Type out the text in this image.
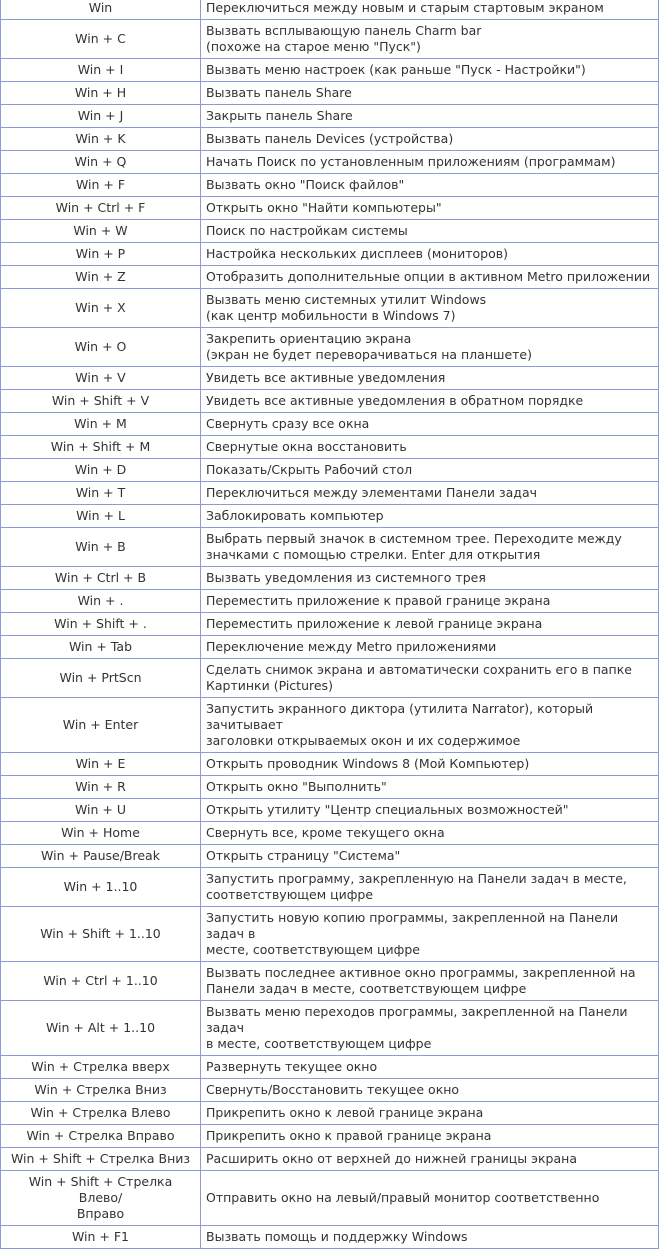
Win	Переключиться между новым и старым стартовым экраном
Win + C	Вызвать всплывающую панель Charm bar
(похоже на старое меню "Пуск")
Win + I	Вызвать меню настроек (как раньше "Пуск - Настройки")
Win + H	Вызвать панель Share
Win + J	Закрыть панель Share
Win + K	Вызвать панель Devices (устройства)
Win + Q	Начать Поиск по установленным приложениям (программам)
Win + F	Вызвать окно "Поиск файлов"
Win + Ctrl + F	Открыть окно "Найти компьютеры"
Win + W	Поиск по настройкам системы
Win + P	Настройка нескольких дисплеев (мониторов)
Win + Z	Отобразить дополнительные опции в активном Metro приложении
Win + X	Вызвать меню системных утилит Windows
(как центр мобильности в Windows 7)
Win + O	Закрепить ориентацию экрана
(экран не будет переворачиваться на планшете)
Win + V	Увидеть все активные уведомления
Win + Shift + V	Увидеть все активные уведомления в обратном порядке
Win + M	Свернуть сразу все окна
Win + Shift + M	Свернутые окна восстановить
Win + D	Показать/Скрыть Рабочий стол
Win + T	Переключиться между элементами Панели задач
Win + L	Заблокировать компьютер
Win + B	Выбрать первый значок в системном трее. Переходите между
значками с помощью стрелки. Enter для открытия
Win + Ctrl + B	Вызвать уведомления из системного трея
Win + .	Переместить приложение к правой границе экрана
Win + Shift + .	Переместить приложение к левой границе экрана
Win + Tab	Переключение между Metro приложениями
Win + PrtScn	Сделать снимок экрана и автоматически сохранить его в папке
Картинки (Pictures)
Win + Enter	Запустить экранного диктора (утилита Narrator), который зачитывает
заголовки открываемых окон и их содержимое
Win + E	Открыть проводник Windows 8 (Мой Компьютер)
Win + R	Открыть окно "Выполнить"
Win + U	Открыть утилиту "Центр специальных возможностей"
Win + Home	Свернуть все, кроме текущего окна
Win + Pause/Break	Открыть страницу "Система"
Win + 1..10	Запустить программу, закрепленную на Панели задач в месте,
соответствующем цифре
Win + Shift + 1..10	Запустить новую копию программы, закрепленной на Панели задач в
месте, соответствующем цифре
Win + Ctrl + 1..10	Вызвать последнее активное окно программы, закрепленной на
Панели задач в месте, соответствующем цифре
Win + Alt + 1..10	Вызвать меню переходов программы, закрепленной на Панели задач
в месте, соответствующем цифре
Win + Стрелка вверх	Развернуть текущее окно
Win + Стрелка Вниз	Свернуть/Восстановить текущее окно
Win + Стрелка Влево	Прикрепить окно к левой границе экрана
Win + Стрелка Вправо	Прикрепить окно к правой границе экрана
Win + Shift + Стрелка Вниз	Расширить окно от верхней до нижней границы экрана
Win + Shift + Стрелка Влево/
Вправо	Отправить окно на левый/правый монитор соответственно
Win + F1	Вызвать помощь и поддержку Windows
